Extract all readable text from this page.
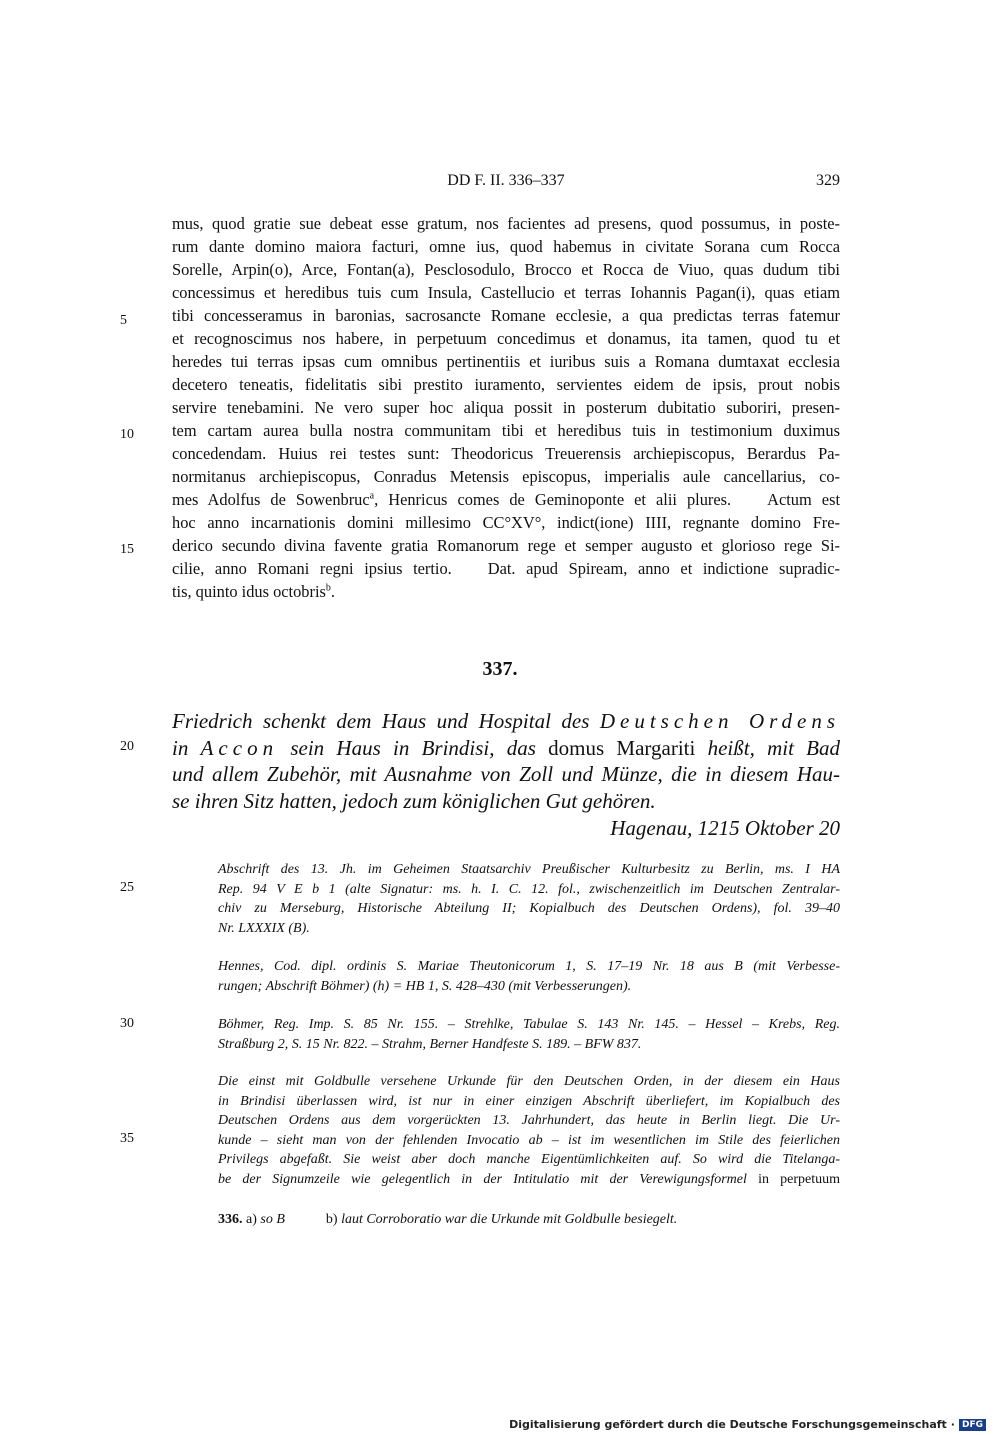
DD F. II. 336–337	329
5
10
15
20
25
30
35
mus, quod gratie sue debeat esse gratum, nos facientes ad presens, quod possumus, in poste-
rum dante domino maiora facturi, omne ius, quod habemus in civitate Sorana cum Rocca
Sorelle, Arpin(o), Arce, Fontan(a), Pesclosodulo, Brocco et Rocca de Viuo, quas dudum tibi
concessimus et heredibus tuis cum Insula, Castellucio et terras Iohannis Pagan(i), quas etiam
tibi concesseramus in baronias, sacrosancte Romane ecclesie, a qua predictas terras fatemur
et recognoscimus nos habere, in perpetuum concedimus et donamus, ita tamen, quod tu et
heredes tui terras ipsas cum omnibus pertinentiis et iuribus suis a Romana dumtaxat ecclesia
decetero teneatis, fidelitatis sibi prestito iuramento, servientes eidem de ipsis, prout nobis
servire tenebamini. Ne vero super hoc aliqua possit in posterum dubitatio suboriri, presen-
tem cartam aurea bulla nostra communitam tibi et heredibus tuis in testimonium duximus
concedendam. Huius rei testes sunt: Theodoricus Treuerensis archiepiscopus, Berardus Pa-
normitanus archiepiscopus, Conradus Metensis episcopus, imperialis aule cancellarius, co-
mes Adolfus de Sowenbruc$^a$, Henricus comes de Geminoponte et alii plures. Actum est
hoc anno incarnationis domini millesimo CC°XV°, indict(ione) IIII, regnante domino Fre-
derico secundo divina favente gratia Romanorum rege et semper augusto et glorioso rege Si-
cilie, anno Romani regni ipsius tertio. Dat. apud Spiream, anno et indictione supradic-
tis, quinto idus octobris$^b$.
337.
Friedrich schenkt dem Haus und Hospital des Deutschen Ordens
in Accon sein Haus in Brindisi, das domus Margariti heißt, mit Bad
und allem Zubehör, mit Ausnahme von Zoll und Münze, die in diesem Hau-
se ihren Sitz hatten, jedoch zum königlichen Gut gehören.
Hagenau, 1215 Oktober 20
Abschrift des 13. Jh. im Geheimen Staatsarchiv Preußischer Kulturbesitz zu Berlin, ms. I HA
Rep. 94 V E b 1 (alte Signatur: ms. h. I. C. 12. fol., zwischenzeitlich im Deutschen Zentralar-
chiv zu Merseburg, Historische Abteilung II; Kopialbuch des Deutschen Ordens), fol. 39–40
Nr. LXXXIX (B).
Hennes, Cod. dipl. ordinis S. Mariae Theutonicorum 1, S. 17–19 Nr. 18 aus B (mit Verbesse-
rungen; Abschrift Böhmer) (h) = HB 1, S. 428–430 (mit Verbesserungen).
Böhmer, Reg. Imp. S. 85 Nr. 155. – Strehlke, Tabulae S. 143 Nr. 145. – Hessel – Krebs, Reg.
Straßburg 2, S. 15 Nr. 822. – Strahm, Berner Handfeste S. 189. – BFW 837.
Die einst mit Goldbulle versehene Urkunde für den Deutschen Orden, in der diesem ein Haus
in Brindisi überlassen wird, ist nur in einer einzigen Abschrift überliefert, im Kopialbuch des
Deutschen Ordens aus dem vorgerückten 13. Jahrhundert, das heute in Berlin liegt. Die Ur-
kunde – sieht man von der fehlenden Invocatio ab – ist im wesentlichen im Stile des feierlichen
Privilegs abgefaßt. Sie weist aber doch manche Eigentümlichkeiten auf. So wird die Titelanga-
be der Signumzeile wie gelegentlich in der Intitulatio mit der Verewigungsformel in perpetuum
336. a) so B	b) laut Corroboratio war die Urkunde mit Goldbulle besiegelt.
Digitalisierung gefördert durch die Deutsche Forschungsgemeinschaft · DFG
